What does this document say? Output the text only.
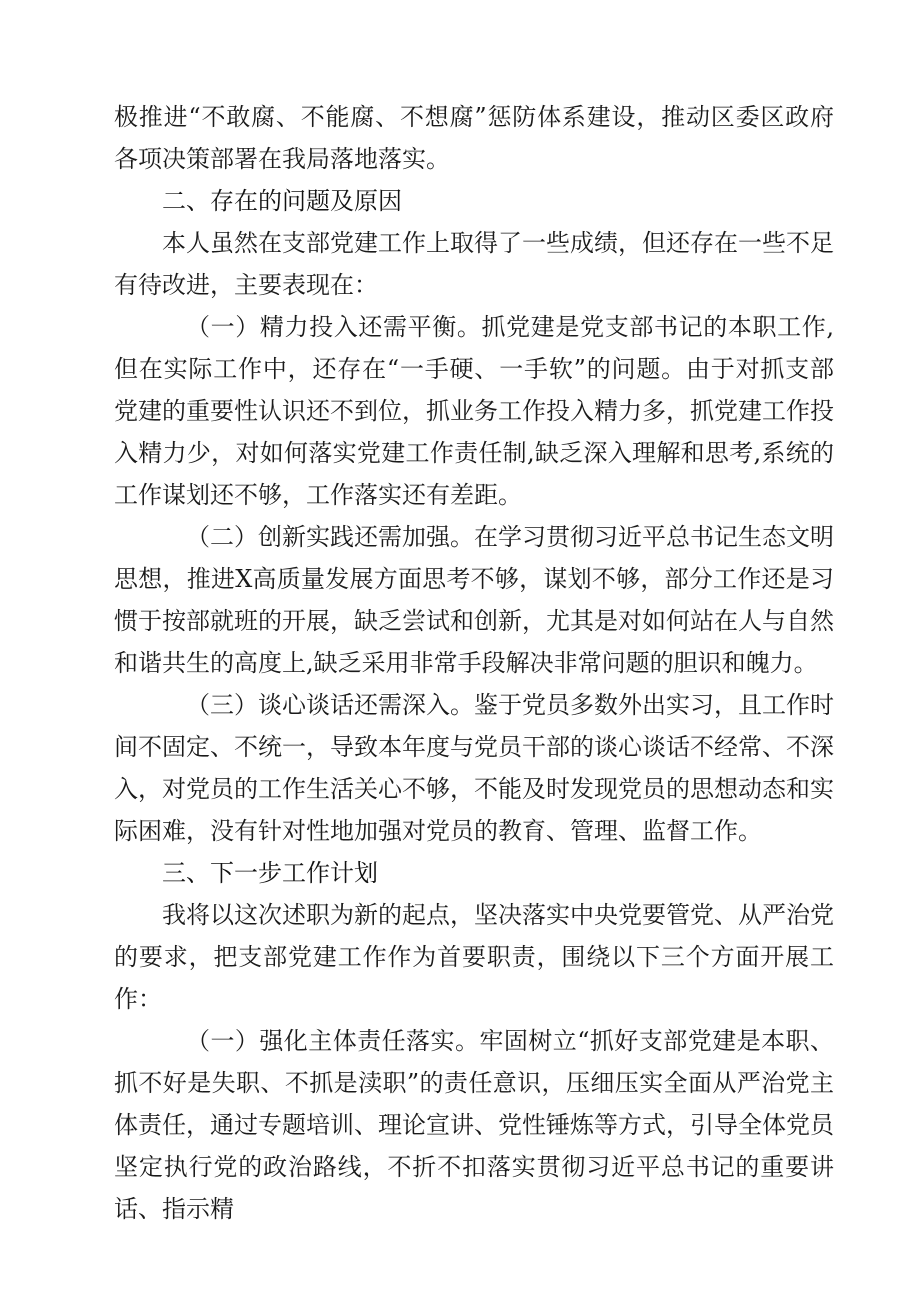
极推进“不敢腐、不能腐、不想腐”惩防体系建设，推动区委区政府各项决策部署在我局落地落实。

二、存在的问题及原因

本人虽然在支部党建工作上取得了一些成绩，但还存在一些不足有待改进，主要表现在：

（一）精力投入还需平衡。抓党建是党支部书记的本职工作,但在实际工作中，还存在“一手硬、一手软”的问题。由于对抓支部党建的重要性认识还不到位，抓业务工作投入精力多，抓党建工作投入精力少，对如何落实党建工作责任制,缺乏深入理解和思考,系统的工作谋划还不够，工作落实还有差距。

（二）创新实践还需加强。在学习贯彻习近平总书记生态文明思想，推进X高质量发展方面思考不够，谋划不够，部分工作还是习惯于按部就班的开展，缺乏尝试和创新，尤其是对如何站在人与自然和谐共生的高度上,缺乏采用非常手段解决非常问题的胆识和魄力。

（三）谈心谈话还需深入。鉴于党员多数外出实习，且工作时间不固定、不统一，导致本年度与党员干部的谈心谈话不经常、不深入，对党员的工作生活关心不够，不能及时发现党员的思想动态和实际困难，没有针对性地加强对党员的教育、管理、监督工作。

三、下一步工作计划

我将以这次述职为新的起点，坚决落实中央党要管党、从严治党的要求，把支部党建工作作为首要职责，围绕以下三个方面开展工作：

（一）强化主体责任落实。牢固树立“抓好支部党建是本职、抓不好是失职、不抓是渎职”的责任意识，压细压实全面从严治党主体责任，通过专题培训、理论宣讲、党性锤炼等方式，引导全体党员坚定执行党的政治路线，不折不扣落实贯彻习近平总书记的重要讲话、指示精
